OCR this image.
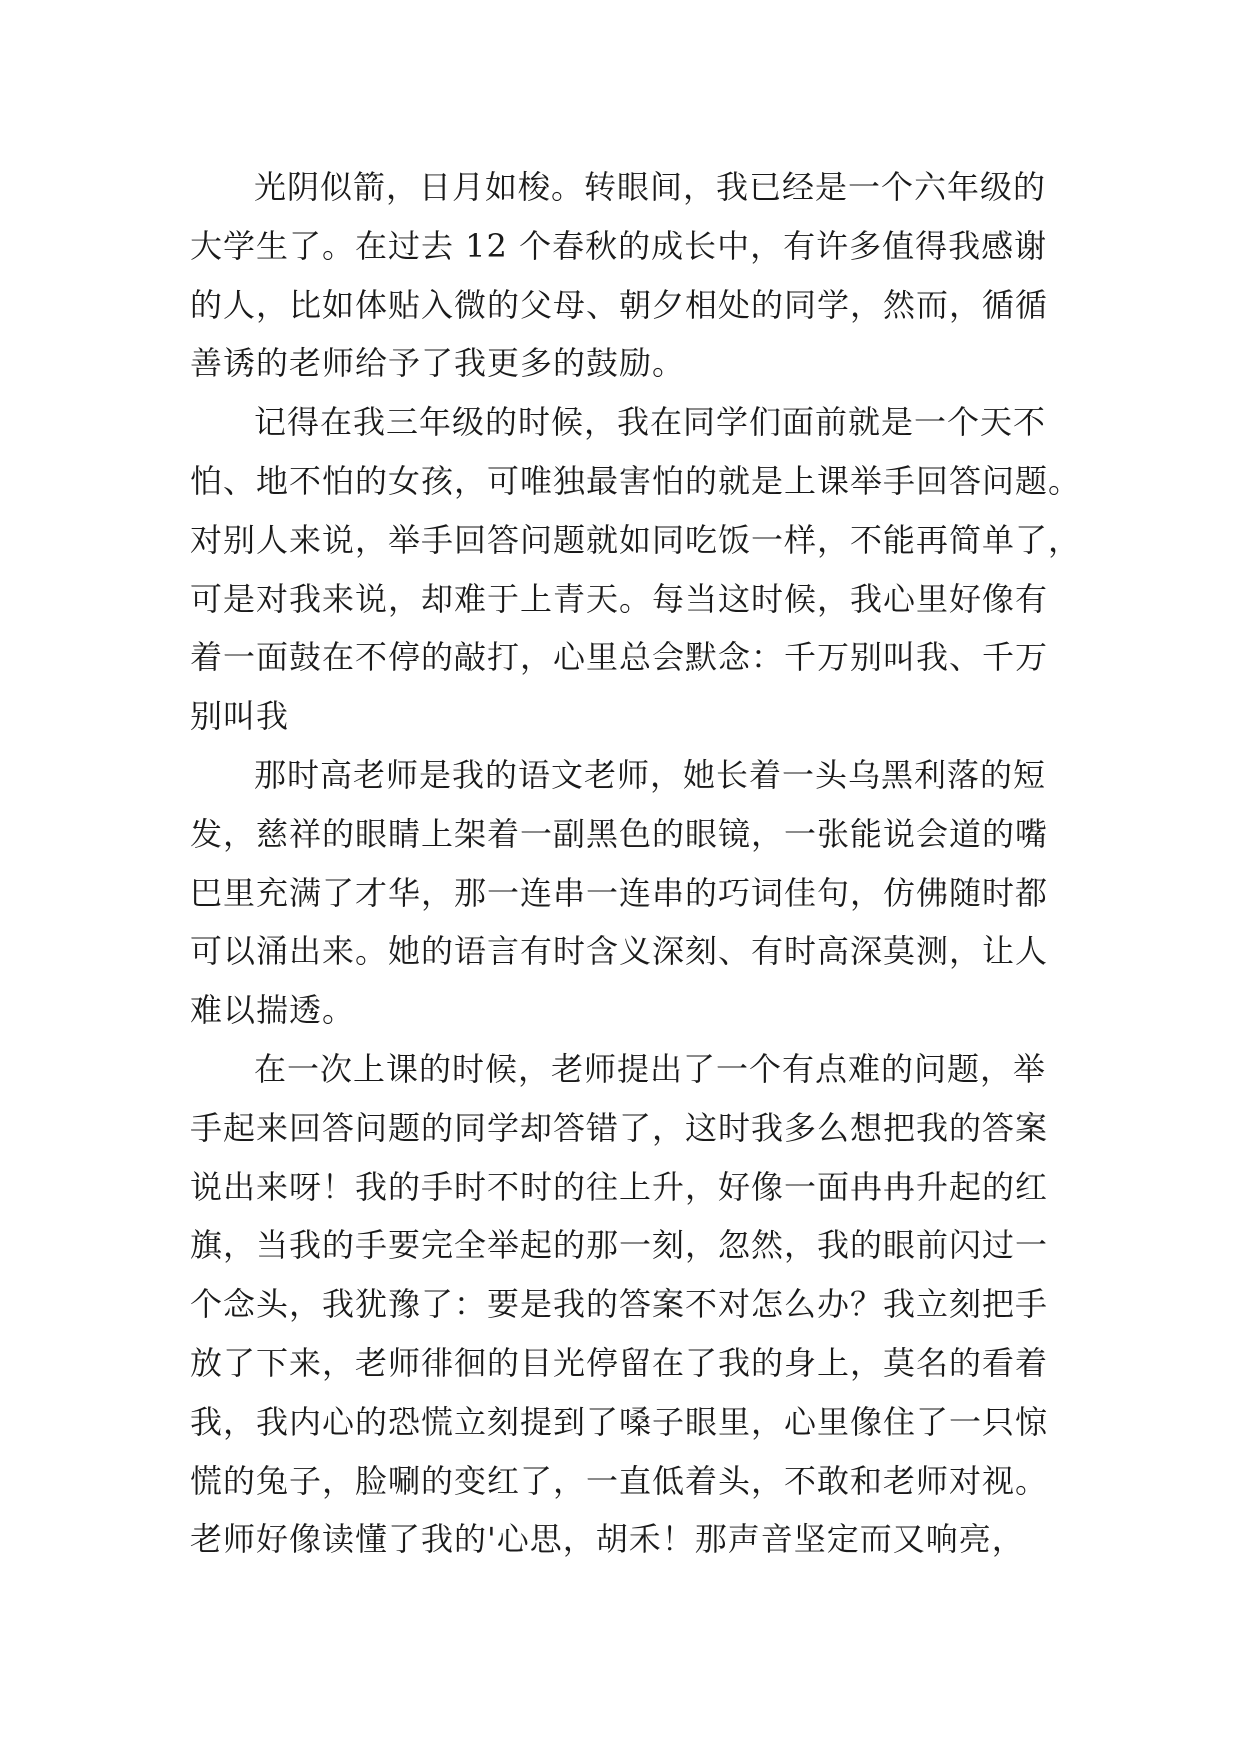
光阴似箭，日月如梭。转眼间，我已经是一个六年级的
大学生了。在过去 12 个春秋的成长中，有许多值得我感谢
的人，比如体贴入微的父母、朝夕相处的同学，然而，循循
善诱的老师给予了我更多的鼓励。
记得在我三年级的时候，我在同学们面前就是一个天不
怕、地不怕的女孩，可唯独最害怕的就是上课举手回答问题。
对别人来说，举手回答问题就如同吃饭一样，不能再简单了，
可是对我来说，却难于上青天。每当这时候，我心里好像有
着一面鼓在不停的敲打，心里总会默念：千万别叫我、千万
别叫我
那时高老师是我的语文老师，她长着一头乌黑利落的短
发，慈祥的眼睛上架着一副黑色的眼镜，一张能说会道的嘴
巴里充满了才华，那一连串一连串的巧词佳句，仿佛随时都
可以涌出来。她的语言有时含义深刻、有时高深莫测，让人
难以揣透。
在一次上课的时候，老师提出了一个有点难的问题，举
手起来回答问题的同学却答错了，这时我多么想把我的答案
说出来呀！我的手时不时的往上升，好像一面冉冉升起的红
旗，当我的手要完全举起的那一刻，忽然，我的眼前闪过一
个念头，我犹豫了：要是我的答案不对怎么办？我立刻把手
放了下来，老师徘徊的目光停留在了我的身上，莫名的看着
我，我内心的恐慌立刻提到了嗓子眼里，心里像住了一只惊
慌的兔子，脸唰的变红了，一直低着头，不敢和老师对视。
老师好像读懂了我的'心思，胡禾！那声音坚定而又响亮，
